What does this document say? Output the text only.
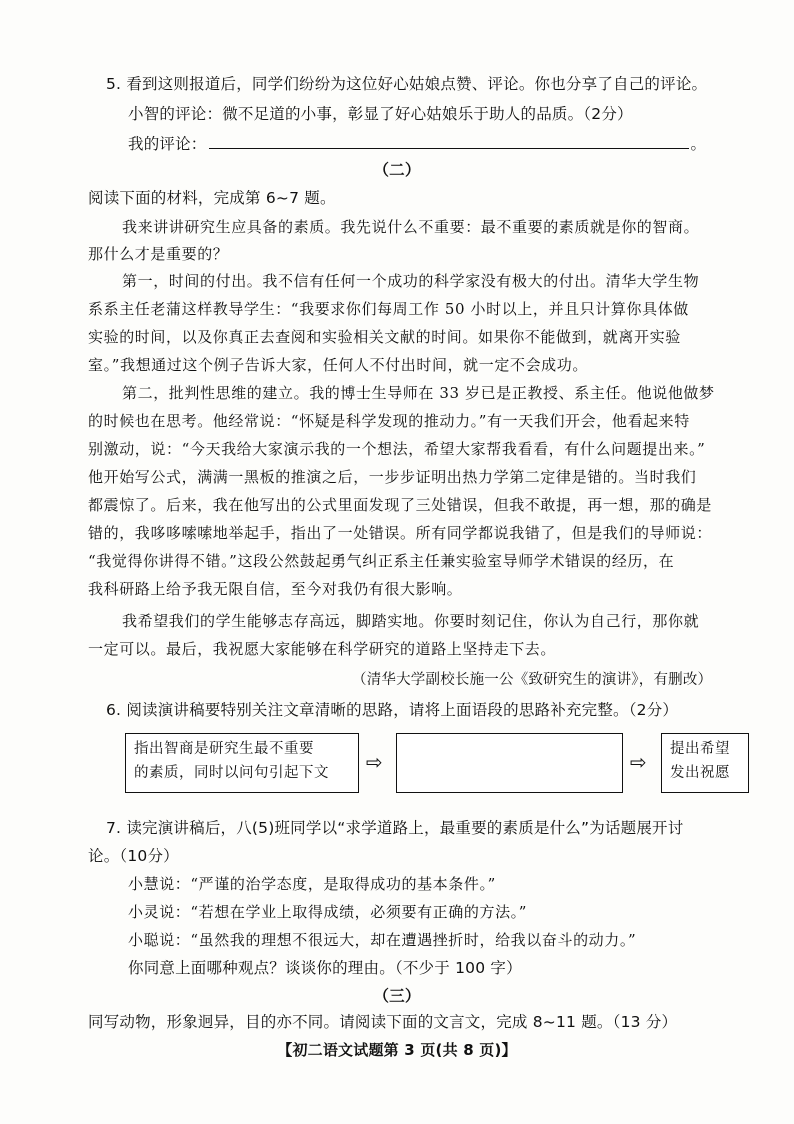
5. 看到这则报道后，同学们纷纷为这位好心姑娘点赞、评论。你也分享了自己的评论。
小智的评论：微不足道的小事，彰显了好心姑娘乐于助人的品质。（2分）
我的评论：	。
（二）
阅读下面的材料，完成第 6~7 题。
我来讲讲研究生应具备的素质。我先说什么不重要：最不重要的素质就是你的智商。
那什么才是重要的？
第一，时间的付出。我不信有任何一个成功的科学家没有极大的付出。清华大学生物
系系主任老蒲这样教导学生：“我要求你们每周工作 50 小时以上，并且只计算你具体做
实验的时间，以及你真正去查阅和实验相关文献的时间。如果你不能做到，就离开实验
室。”我想通过这个例子告诉大家，任何人不付出时间，就一定不会成功。
第二，批判性思维的建立。我的博士生导师在 33 岁已是正教授、系主任。他说他做梦
的时候也在思考。他经常说：“怀疑是科学发现的推动力。”有一天我们开会，他看起来特
别激动，说：“今天我给大家演示我的一个想法，希望大家帮我看看，有什么问题提出来。”
他开始写公式，满满一黑板的推演之后，一步步证明出热力学第二定律是错的。当时我们
都震惊了。后来，我在他写出的公式里面发现了三处错误，但我不敢提，再一想，那的确是
错的，我哆哆嗦嗦地举起手，指出了一处错误。所有同学都说我错了，但是我们的导师说：
“我觉得你讲得不错。”这段公然鼓起勇气纠正系主任兼实验室导师学术错误的经历，在
我科研路上给予我无限自信，至今对我仍有很大影响。
我希望我们的学生能够志存高远，脚踏实地。你要时刻记住，你认为自己行，那你就
一定可以。最后，我祝愿大家能够在科学研究的道路上坚持走下去。
（清华大学副校长施一公《致研究生的演讲》，有删改）
6. 阅读演讲稿要特别关注文章清晰的思路，请将上面语段的思路补充完整。（2分）
指出智商是研究生最不重要
的素质，同时以问句引起下文	⇨	⇨
提出希望
发出祝愿
7. 读完演讲稿后，八(5)班同学以“求学道路上，最重要的素质是什么”为话题展开讨
论。（10分）
小慧说：“严谨的治学态度，是取得成功的基本条件。”
小灵说：“若想在学业上取得成绩，必须要有正确的方法。”
小聪说：“虽然我的理想不很远大，却在遭遇挫折时，给我以奋斗的动力。”
你同意上面哪种观点？谈谈你的理由。（不少于 100 字）
（三）
同写动物，形象迥异，目的亦不同。请阅读下面的文言文，完成 8~11 题。（13 分）
【初二语文试题第 3 页(共 8 页)】
